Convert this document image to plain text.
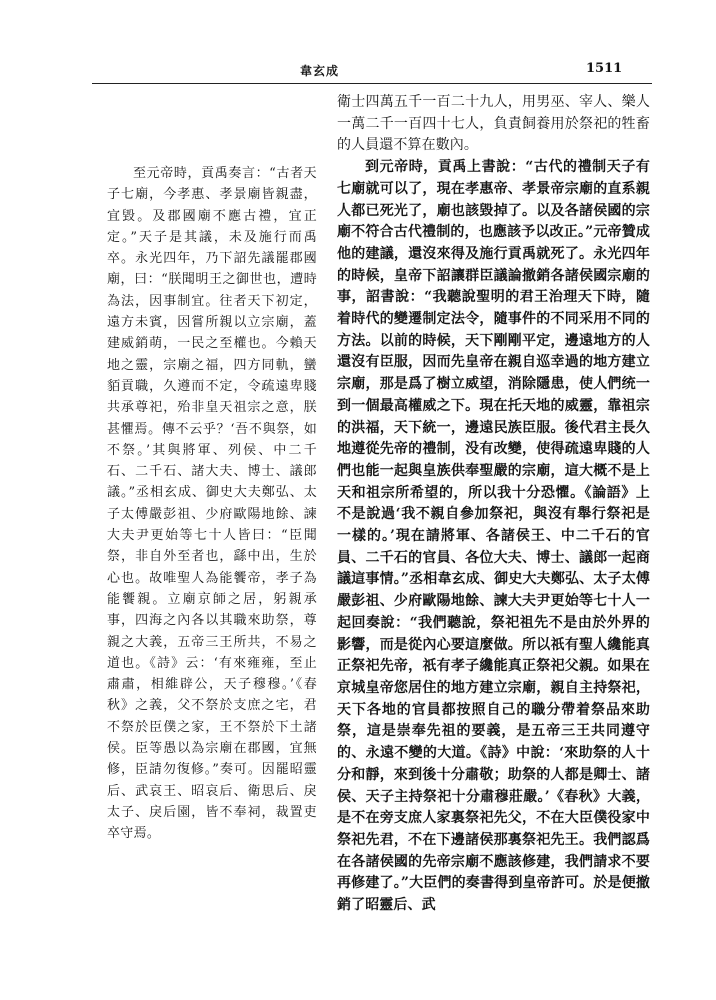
韋玄成	1511

至元帝時，貢禹奏言：“古者天子七廟，今孝惠、孝景廟皆親盡，宜毀。及郡國廟不應古禮，宜正定。”天子是其議，未及施行而禹卒。永光四年，乃下詔先議罷郡國廟，曰：“朕聞明王之御世也，遭時為法，因事制宜。往者天下初定，遠方未賓，因嘗所親以立宗廟，蓋建威銷萌，一民之至權也。今賴天地之靈，宗廟之福，四方同軌，蠻貊貢職，久遵而不定，令疏遠卑賤共承尊祀，殆非皇天祖宗之意，朕甚懼焉。傳不云乎？‘吾不與祭，如不祭。’其與將軍、列侯、中二千石、二千石、諸大夫、博士、議郎議。”丞相玄成、御史大夫鄭弘、太子太傅嚴彭祖、少府歐陽地餘、諫大夫尹更始等七十人皆曰：“臣聞祭，非自外至者也，繇中出，生於心也。故唯聖人為能饗帝，孝子為能饗親。立廟京師之居，躬親承事，四海之內各以其職來助祭，尊親之大義，五帝三王所共，不易之道也。《詩》云：‘有來雍雍，至止肅肅，相維辟公，天子穆穆。’《春秋》之義，父不祭於支庶之宅，君不祭於臣僕之家，王不祭於下土諸侯。臣等愚以為宗廟在郡國，宜無修，臣請勿復修。”奏可。因罷昭靈后、武哀王、昭哀后、衛思后、戾太子、戾后園，皆不奉祠，裁置吏卒守焉。

衛士四萬五千一百二十九人，用男巫、宰人、樂人一萬二千一百四十七人，負責飼養用於祭祀的牲畜的人員還不算在數內。

到元帝時，貢禹上書說：“古代的禮制天子有七廟就可以了，現在孝惠帝、孝景帝宗廟的直系親人都已死光了，廟也該毀掉了。以及各諸侯國的宗廟不符合古代禮制的，也應該予以改正。”元帝贊成他的建議，還沒來得及施行貢禹就死了。永光四年的時候，皇帝下詔讓群臣議論撤銷各諸侯國宗廟的事，詔書說：“我聽說聖明的君王治理天下時，隨着時代的變遷制定法令，隨事件的不同采用不同的方法。以前的時候，天下剛剛平定，邊遠地方的人還沒有臣服，因而先皇帝在親自巡幸過的地方建立宗廟，那是爲了樹立威望，消除隱患，使人們统一到一個最高權威之下。現在托天地的威靈，靠祖宗的洪福，天下統一，邊遠民族臣服。後代君主長久地遵從先帝的禮制，没有改變，使得疏遠卑賤的人們也能一起與皇族供奉聖嚴的宗廟，這大概不是上天和祖宗所希望的，所以我十分恐懼。《論語》上不是說過‘我不親自參加祭祀，與沒有舉行祭祀是一樣的。’現在請將軍、各諸侯王、中二千石的官員、二千石的官員、各位大夫、博士、議郎一起商議這事情。”丞相韋玄成、御史大夫鄭弘、太子太傅嚴彭祖、少府歐陽地餘、諫大夫尹更始等七十人一起回奏說：“我們聽說，祭祀祖先不是由於外界的影響，而是從內心要這麼做。所以祇有聖人纔能真正祭祀先帝，祇有孝子纔能真正祭祀父親。如果在京城皇帝您居住的地方建立宗廟，親自主持祭祀，天下各地的官員都按照自己的職分帶着祭品來助祭，這是崇奉先祖的要義，是五帝三王共同遵守的、永遠不變的大道。《詩》中說：‘來助祭的人十分和靜，來到後十分肅敬；助祭的人都是卿士、諸侯、天子主持祭祀十分肅穆莊嚴。’《春秋》大義，是不在旁支庶人家裏祭祀先父，不在大臣僕役家中祭祀先君，不在下邊諸侯那裏祭祀先王。我們認爲在各諸侯國的先帝宗廟不應該修建，我們請求不要再修建了。”大臣們的奏書得到皇帝許可。於是便撤銷了昭靈后、武
